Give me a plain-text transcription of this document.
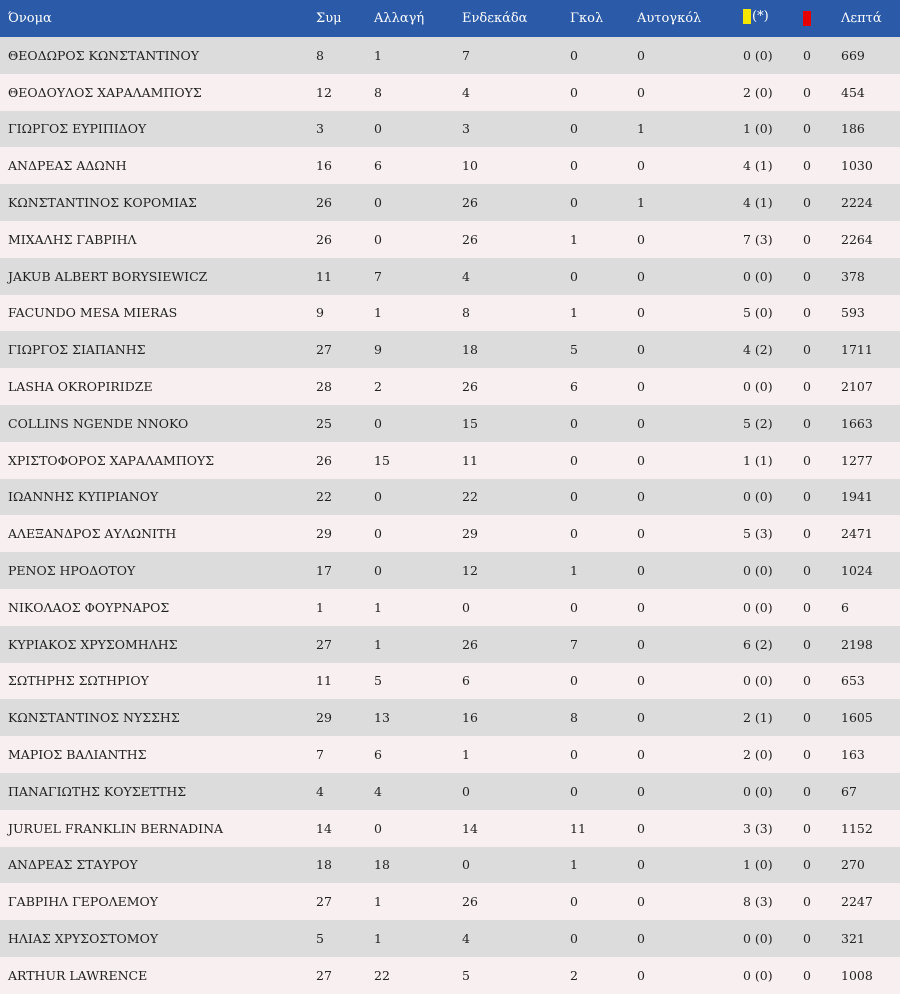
Όνομα	Συμ	Αλλαγή	Ενδεκάδα	Γκολ	Αυτογκόλ	(*)		Λεπτά
ΘΕΟΔΩΡΟΣ ΚΩΝΣΤΑΝΤΙΝΟΥ	8	1	7	0	0	0 (0)	0	669
ΘΕΟΔΟΥΛΟΣ ΧΑΡΑΛΑΜΠΟΥΣ	12	8	4	0	0	2 (0)	0	454
ΓΙΩΡΓΟΣ ΕΥΡΙΠΙΔΟΥ	3	0	3	0	1	1 (0)	0	186
ΑΝΔΡΕΑΣ ΑΔΩΝΗ	16	6	10	0	0	4 (1)	0	1030
ΚΩΝΣΤΑΝΤΙΝΟΣ ΚΟΡΟΜΙΑΣ	26	0	26	0	1	4 (1)	0	2224
ΜΙΧΑΛΗΣ ΓΑΒΡΙΗΛ	26	0	26	1	0	7 (3)	0	2264
JAKUB ALBERT BORYSIEWICZ	11	7	4	0	0	0 (0)	0	378
FACUNDO MESA MIERAS	9	1	8	1	0	5 (0)	0	593
ΓΙΩΡΓΟΣ ΣΙΑΠΑΝΗΣ	27	9	18	5	0	4 (2)	0	1711
LASHA OKROPIRIDZE	28	2	26	6	0	0 (0)	0	2107
COLLINS NGENDE NNOKO	25	0	15	0	0	5 (2)	0	1663
ΧΡΙΣΤΟΦΟΡΟΣ ΧΑΡΑΛΑΜΠΟΥΣ	26	15	11	0	0	1 (1)	0	1277
ΙΩΑΝΝΗΣ ΚΥΠΡΙΑΝΟΥ	22	0	22	0	0	0 (0)	0	1941
ΑΛΕΞΑΝΔΡΟΣ ΑΥΛΩΝΙΤΗ	29	0	29	0	0	5 (3)	0	2471
ΡΕΝΟΣ ΗΡΟΔΟΤΟΥ	17	0	12	1	0	0 (0)	0	1024
ΝΙΚΟΛΑΟΣ ΦΟΥΡΝΑΡΟΣ	1	1	0	0	0	0 (0)	0	6
ΚΥΡΙΑΚΟΣ ΧΡΥΣΟΜΗΛΗΣ	27	1	26	7	0	6 (2)	0	2198
ΣΩΤΗΡΗΣ ΣΩΤΗΡΙΟΥ	11	5	6	0	0	0 (0)	0	653
ΚΩΝΣΤΑΝΤΙΝΟΣ ΝΥΣΣΗΣ	29	13	16	8	0	2 (1)	0	1605
ΜΑΡΙΟΣ ΒΑΛΙΑΝΤΗΣ	7	6	1	0	0	2 (0)	0	163
ΠΑΝΑΓΙΩΤΗΣ ΚΟΥΣΕΤΤΗΣ	4	4	0	0	0	0 (0)	0	67
JURUEL FRANKLIN BERNADINA	14	0	14	11	0	3 (3)	0	1152
ΑΝΔΡΕΑΣ ΣΤΑΥΡΟΥ	18	18	0	1	0	1 (0)	0	270
ΓΑΒΡΙΗΛ ΓΕΡΟΛΕΜΟΥ	27	1	26	0	0	8 (3)	0	2247
ΗΛΙΑΣ ΧΡΥΣΟΣΤΟΜΟΥ	5	1	4	0	0	0 (0)	0	321
ARTHUR LAWRENCE	27	22	5	2	0	0 (0)	0	1008
